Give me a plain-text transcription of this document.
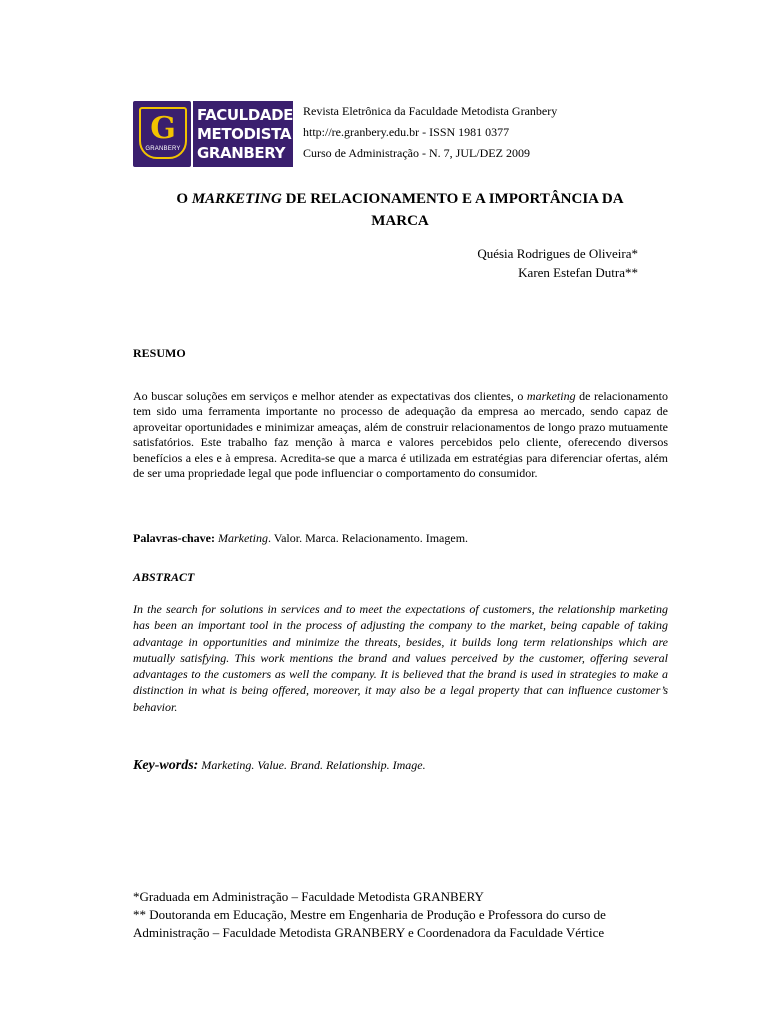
G
GRANBERY
FACULDADE
METODISTA
GRANBERY
Revista Eletrônica da Faculdade Metodista Granbery
http://re.granbery.edu.br - ISSN 1981 0377
Curso de Administração - N. 7, JUL/DEZ 2009
O MARKETING DE RELACIONAMENTO E A IMPORTÂNCIA DA
MARCA
Quésia Rodrigues de Oliveira*
Karen Estefan Dutra**
RESUMO
Ao buscar soluções em serviços e melhor atender as expectativas dos clientes, o marketing de relacionamento tem sido uma ferramenta importante no processo de adequação da empresa ao mercado, sendo capaz de aproveitar oportunidades e minimizar ameaças, além de construir relacionamentos de longo prazo mutuamente satisfatórios. Este trabalho faz menção à marca e valores percebidos pelo cliente, oferecendo diversos benefícios a eles e à empresa. Acredita-se que a marca é utilizada em estratégias para diferenciar ofertas, além de ser uma propriedade legal que pode influenciar o comportamento do consumidor.
Palavras-chave: Marketing. Valor. Marca. Relacionamento. Imagem.
ABSTRACT
In the search for solutions in services and to meet the expectations of customers, the relationship marketing has been an important tool in the process of adjusting the company to the market, being capable of taking advantage in opportunities and minimize the threats, besides, it builds long term relationships which are mutually satisfying. This work mentions the brand and values perceived by the customer, offering several advantages to the customers as well the company. It is believed that the brand is used in strategies to make a distinction in what is being offered, moreover, it may also be a legal property that can influence customer’s behavior.
Key-words: Marketing. Value. Brand. Relationship. Image.
*Graduada em Administração – Faculdade Metodista GRANBERY
** Doutoranda em Educação, Mestre em Engenharia de Produção e Professora do curso de Administração – Faculdade Metodista GRANBERY e Coordenadora da Faculdade Vértice
